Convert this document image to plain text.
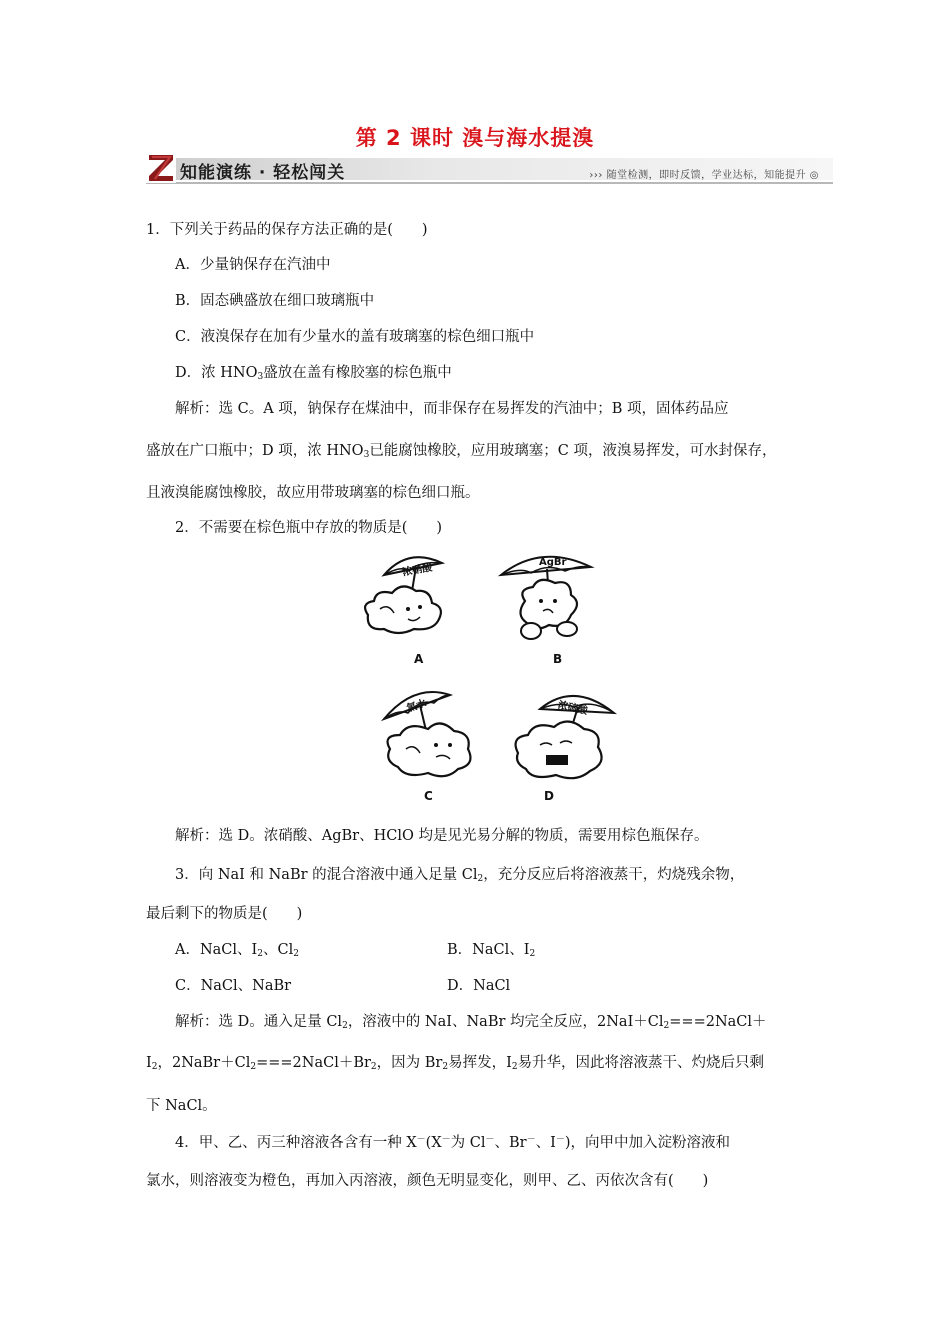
第 2 课时 溴与海水提溴
知能演练 · 轻松闯关	››› 随堂检测，即时反馈，学业达标，知能提升 ◎
1．下列关于药品的保存方法正确的是(　　)
A．少量钠保存在汽油中
B．固态碘盛放在细口玻璃瓶中
C．液溴保存在加有少量水的盖有玻璃塞的棕色细口瓶中
D．浓 $HNO_3$盛放在盖有橡胶塞的棕色瓶中
解析：选 C。A 项，钠保存在煤油中，而非保存在易挥发的汽油中；B 项，固体药品应
盛放在广口瓶中；D 项，浓 $HNO_3$已能腐蚀橡胶，应用玻璃塞；C 项，液溴易挥发，可水封保存，
且液溴能腐蚀橡胶，故应用带玻璃塞的棕色细口瓶。
2．不需要在棕色瓶中存放的物质是(　　)
浓硝酸
A
AgBr
B
氯水
C
浓硫酸
D
解析：选 D。浓硝酸、AgBr、HClO 均是见光易分解的物质，需要用棕色瓶保存。
3．向 NaI 和 NaBr 的混合溶液中通入足量 $Cl_2$，充分反应后将溶液蒸干，灼烧残余物，
最后剩下的物质是(　　)
A．NaCl、$I_2$、$Cl_2$	B．NaCl、$I_2$
C．NaCl、NaBr	D．NaCl
解析：选 D。通入足量 $Cl_2$，溶液中的 NaI、NaBr 均完全反应，$2NaI+Cl_2===2NaCl+$
$I_2$，$2NaBr+Cl_2===2NaCl+Br_2$，因为 $Br_2$易挥发，$I_2$易升华，因此将溶液蒸干、灼烧后只剩
下 NaCl。
4．甲、乙、丙三种溶液各含有一种 X－(X－为 Cl－、Br－、I－)，向甲中加入淀粉溶液和
氯水，则溶液变为橙色，再加入丙溶液，颜色无明显变化，则甲、乙、丙依次含有(　　)
